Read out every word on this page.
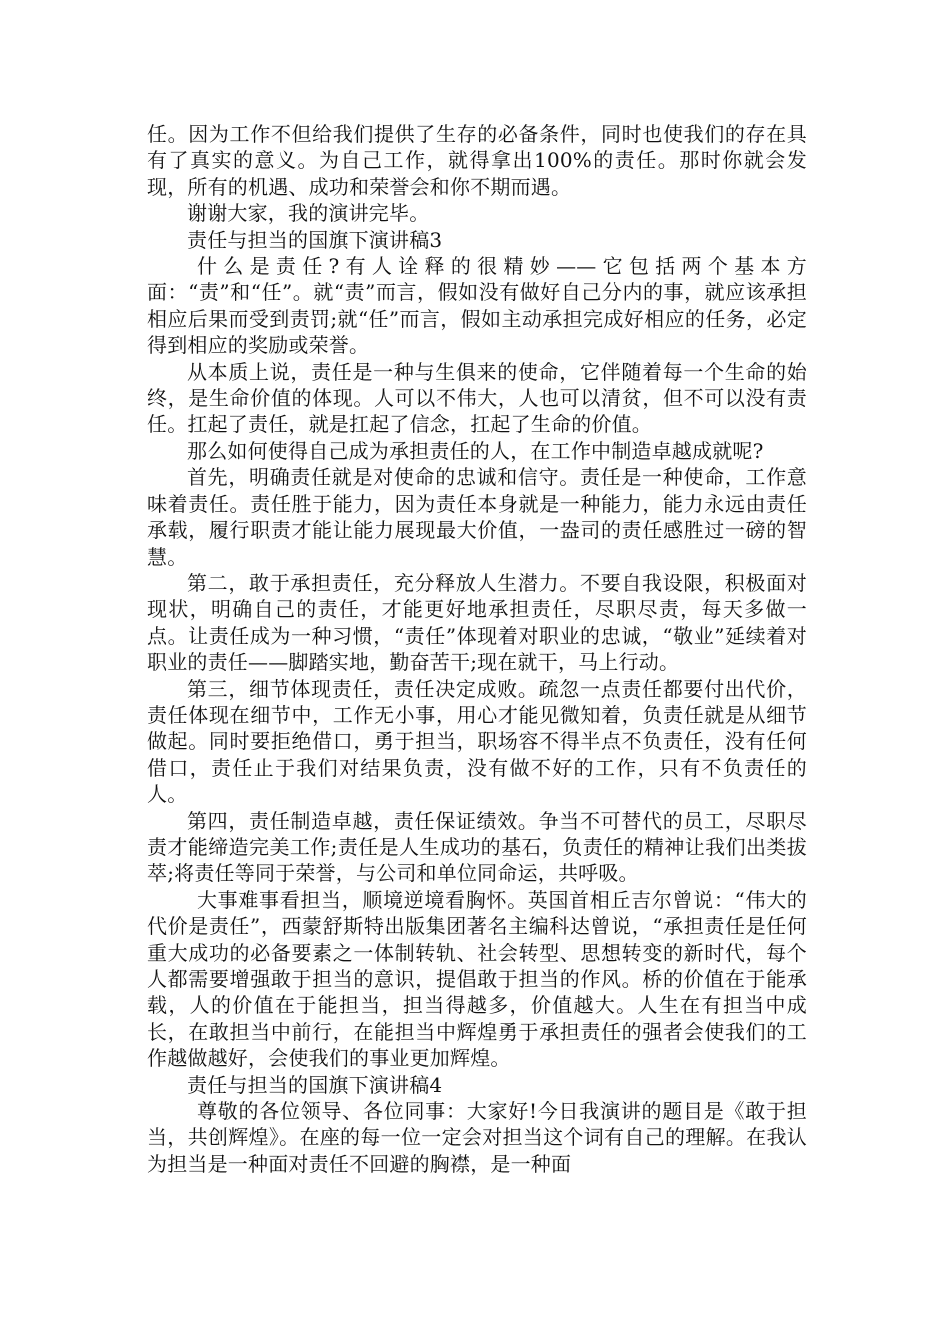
任。因为工作不但给我们提供了生存的必备条件，同时也使我们的存在具有了真实的意义。为自己工作，就得拿出100%的责任。那时你就会发现，所有的机遇、成功和荣誉会和你不期而遇。

谢谢大家，我的演讲完毕。

责任与担当的国旗下演讲稿3

什么是责任?有人诠释的很精妙——它包括两个基本方面：“责”和“任”。就“责”而言，假如没有做好自己分内的事，就应该承担相应后果而受到责罚;就“任”而言，假如主动承担完成好相应的任务，必定得到相应的奖励或荣誉。

从本质上说，责任是一种与生俱来的使命，它伴随着每一个生命的始终，是生命价值的体现。人可以不伟大，人也可以清贫，但不可以没有责任。扛起了责任，就是扛起了信念，扛起了生命的价值。

那么如何使得自己成为承担责任的人，在工作中制造卓越成就呢?

首先，明确责任就是对使命的忠诚和信守。责任是一种使命，工作意味着责任。责任胜于能力，因为责任本身就是一种能力，能力永远由责任承载，履行职责才能让能力展现最大价值，一盎司的责任感胜过一磅的智慧。

第二，敢于承担责任，充分释放人生潜力。不要自我设限，积极面对现状，明确自己的责任，才能更好地承担责任，尽职尽责，每天多做一点。让责任成为一种习惯，“责任”体现着对职业的忠诚，“敬业”延续着对职业的责任——脚踏实地，勤奋苦干;现在就干，马上行动。

第三，细节体现责任，责任决定成败。疏忽一点责任都要付出代价，责任体现在细节中，工作无小事，用心才能见微知着，负责任就是从细节做起。同时要拒绝借口，勇于担当，职场容不得半点不负责任，没有任何借口，责任止于我们对结果负责，没有做不好的工作，只有不负责任的人。

第四，责任制造卓越，责任保证绩效。争当不可替代的员工，尽职尽责才能缔造完美工作;责任是人生成功的基石，负责任的精神让我们出类拔萃;将责任等同于荣誉，与公司和单位同命运，共呼吸。

大事难事看担当，顺境逆境看胸怀。英国首相丘吉尔曾说：“伟大的代价是责任”，西蒙舒斯特出版集团著名主编科达曾说，“承担责任是任何重大成功的必备要素之一体制转轨、社会转型、思想转变的新时代，每个人都需要增强敢于担当的意识，提倡敢于担当的作风。桥的价值在于能承载，人的价值在于能担当，担当得越多，价值越大。人生在有担当中成长，在敢担当中前行，在能担当中辉煌勇于承担责任的强者会使我们的工作越做越好，会使我们的事业更加辉煌。

责任与担当的国旗下演讲稿4

尊敬的各位领导、各位同事：大家好!今日我演讲的题目是《敢于担当，共创辉煌》。在座的每一位一定会对担当这个词有自己的理解。在我认为担当是一种面对责任不回避的胸襟，是一种面
